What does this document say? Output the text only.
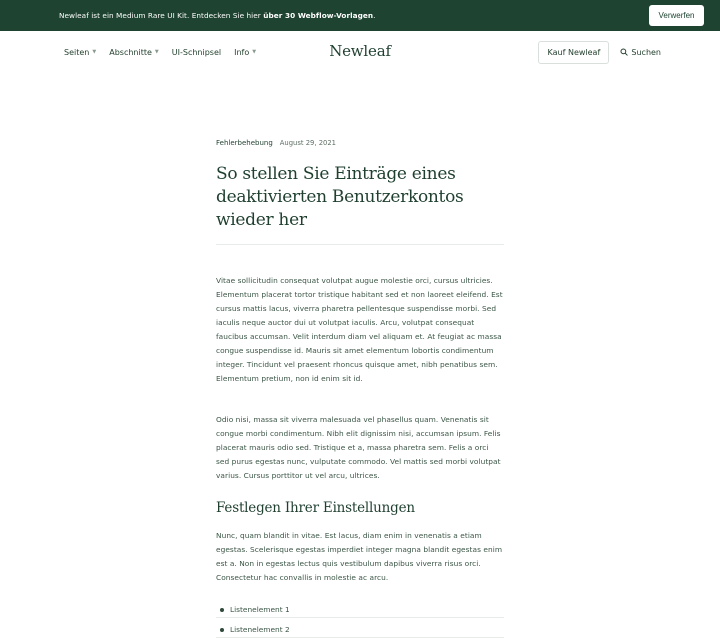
Newleaf ist ein Medium Rare UI Kit. Entdecken Sie hier über 30 Webflow-Vorlagen.	Verwerfen
Seiten ▼ Abschnitte ▼ UI-Schnipsel Info ▼	Newleaf	Kauf Newleaf	Suchen
Fehlerbehebung August 29, 2021
So stellen Sie Einträge eines deaktivierten Benutzerkontos wieder her

Vitae sollicitudin consequat volutpat augue molestie orci, cursus ultricies. Elementum placerat tortor tristique habitant sed et non laoreet eleifend. Est cursus mattis lacus, viverra pharetra pellentesque suspendisse morbi. Sed iaculis neque auctor dui ut volutpat iaculis. Arcu, volutpat consequat faucibus accumsan. Velit interdum diam vel aliquam et. At feugiat ac massa congue suspendisse id. Mauris sit amet elementum lobortis condimentum integer. Tincidunt vel praesent rhoncus quisque amet, nibh penatibus sem. Elementum pretium, non id enim sit id.

Odio nisi, massa sit viverra malesuada vel phasellus quam. Venenatis sit congue morbi condimentum. Nibh elit dignissim nisi, accumsan ipsum. Felis placerat mauris odio sed. Tristique et a, massa pharetra sem. Felis a orci sed purus egestas nunc, vulputate commodo. Vel mattis sed morbi volutpat varius. Cursus porttitor ut vel arcu, ultrices.

Festlegen Ihrer Einstellungen

Nunc, quam blandit in vitae. Est lacus, diam enim in venenatis a etiam egestas. Scelerisque egestas imperdiet integer magna blandit egestas enim est a. Non in egestas lectus quis vestibulum dapibus viverra risus orci. Consectetur hac convallis in molestie ac arcu.

Listenelement 1
Listenelement 2
